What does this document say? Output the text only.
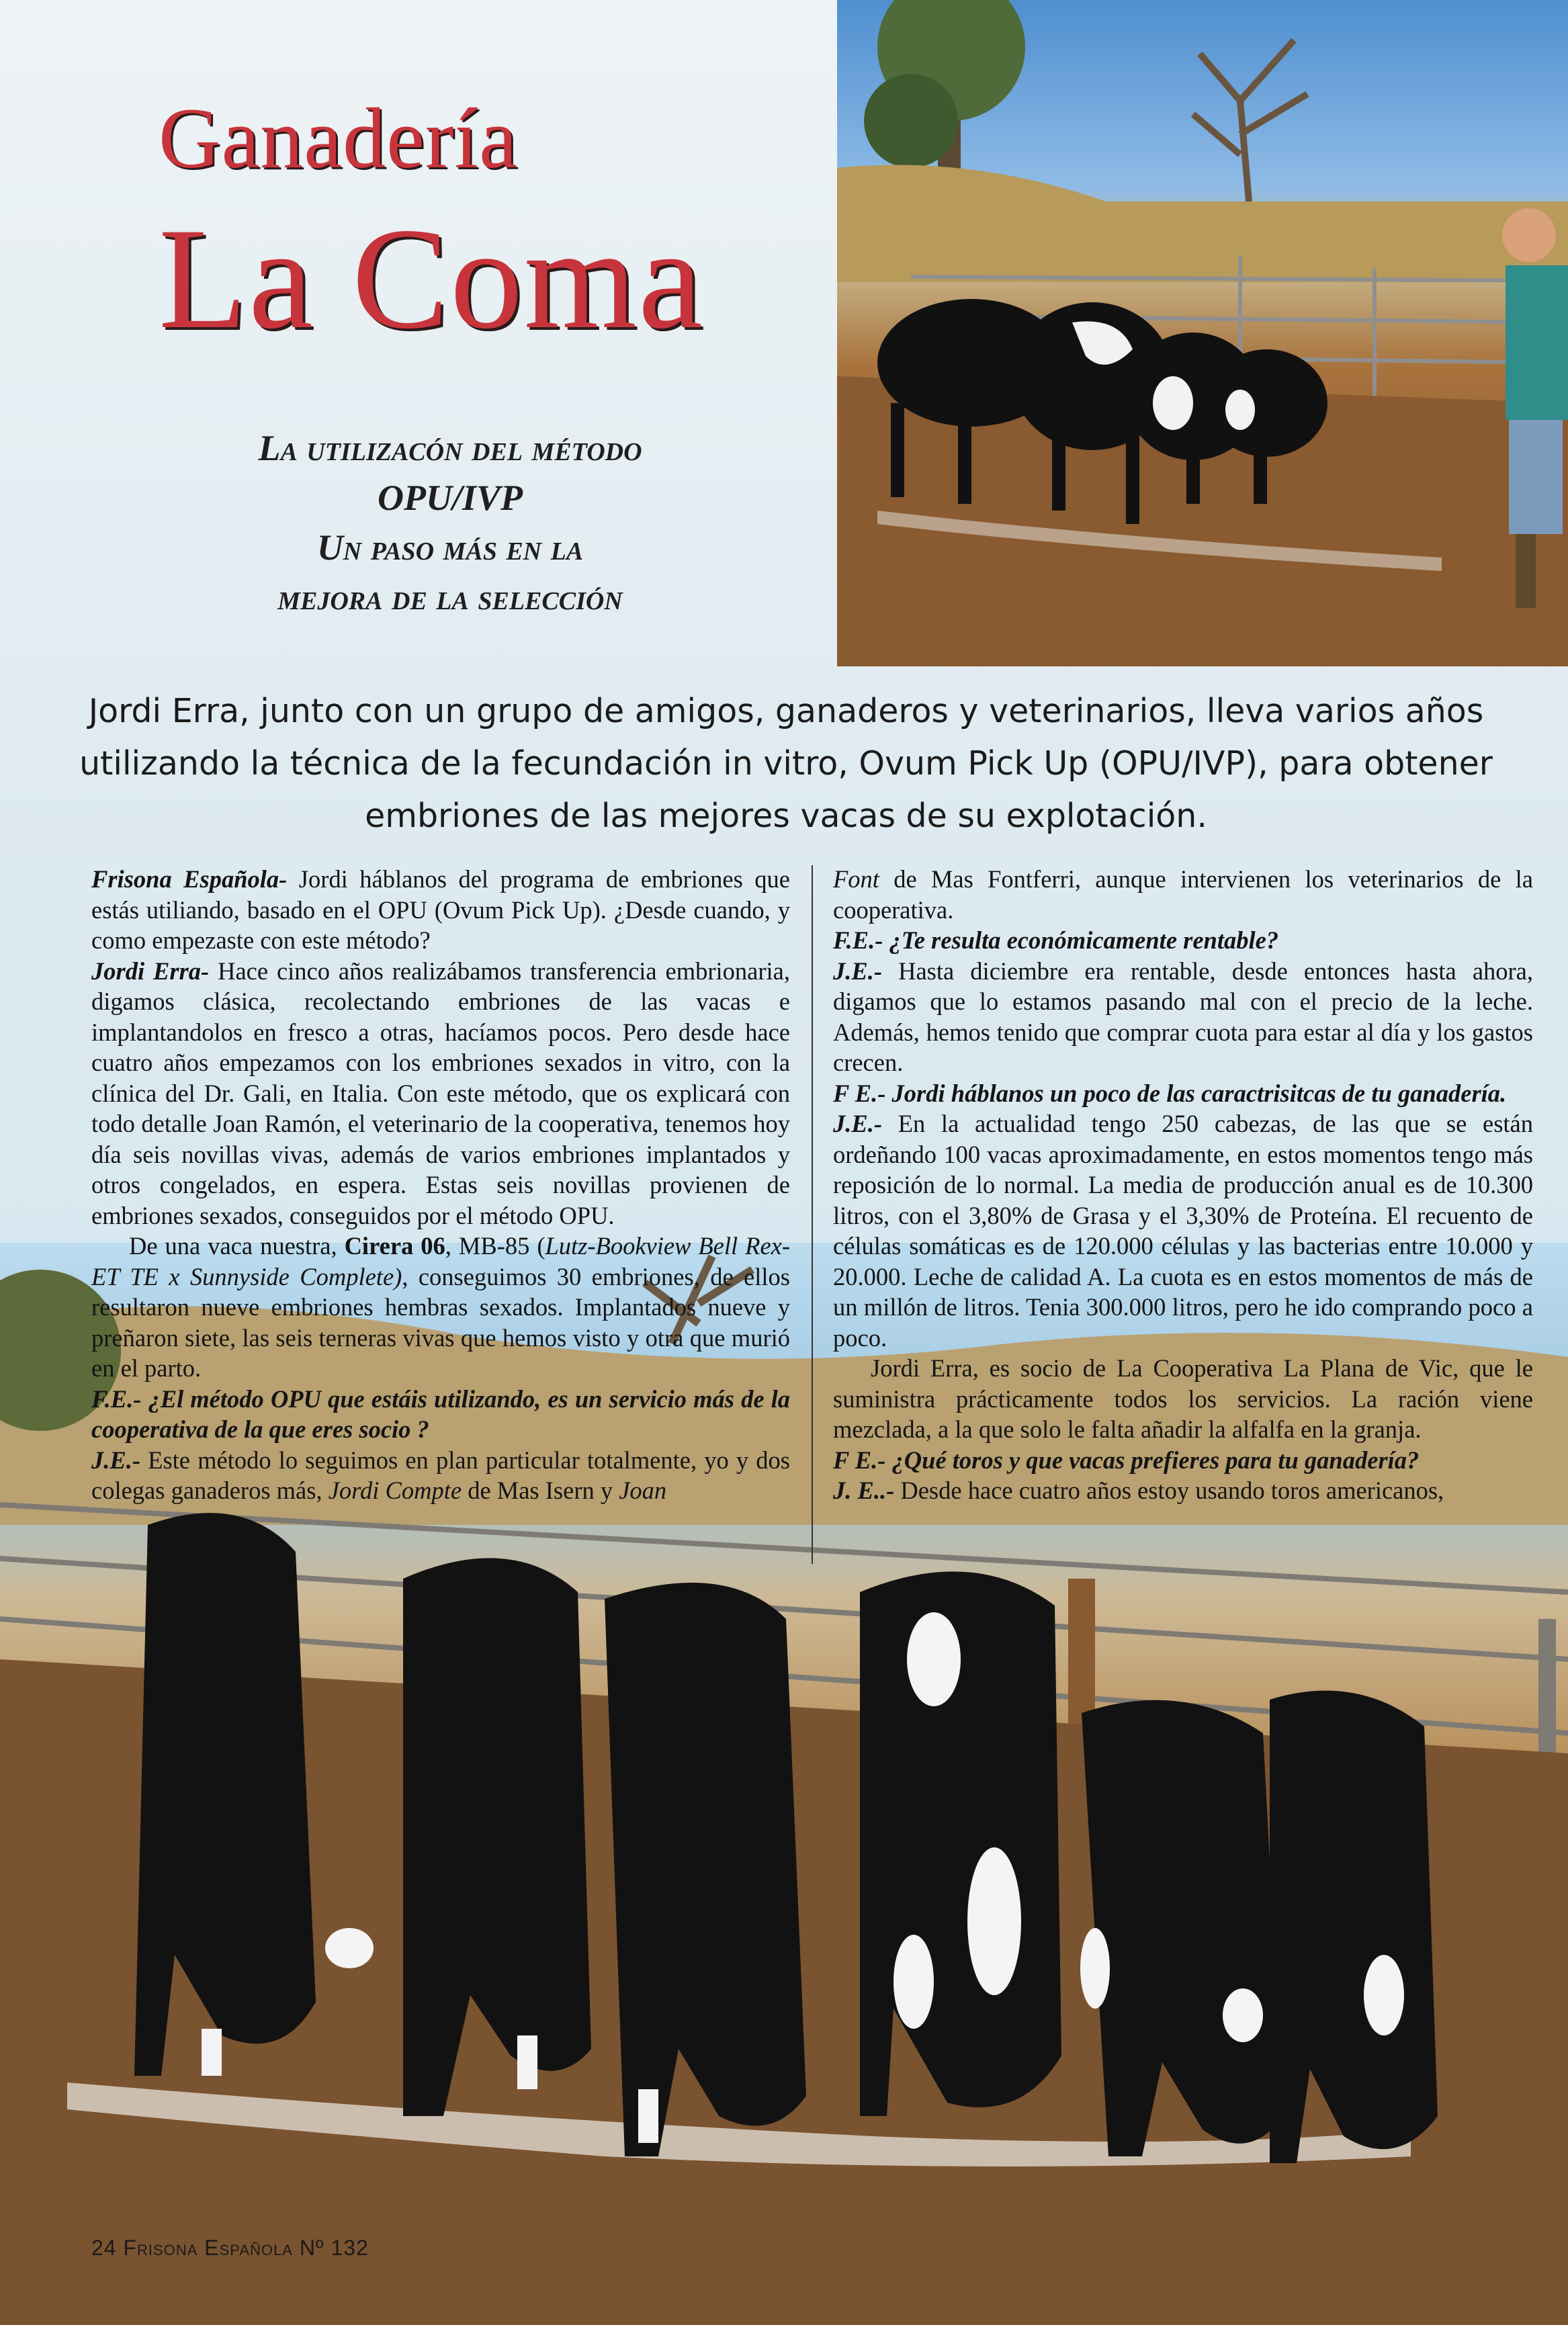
Ganadería
La Coma
La utilizacón del método
OPU/IVP
Un paso más en la
mejora de la selección
Jordi Erra, junto con un grupo de amigos, ganaderos y veterinarios, lleva varios años utilizando la técnica de la fecundación in vitro, Ovum Pick Up (OPU/IVP), para obtener embriones de las mejores vacas de su explotación.

Frisona Española- Jordi háblanos del programa de embriones que estás utiliando, basado en el OPU (Ovum Pick Up). ¿Desde cuando, y como empezaste con este método?

Jordi Erra- Hace cinco años realizábamos transferencia embrionaria, digamos clásica, recolectando embriones de las vacas e implantandolos en fresco a otras, hacíamos pocos. Pero desde hace cuatro años empezamos con los embriones sexados in vitro, con la clínica del Dr. Gali, en Italia. Con este método, que os explicará con todo detalle Joan Ramón, el veterinario de la cooperativa, tenemos hoy día seis novillas vivas, además de varios embriones implantados y otros congelados, en espera. Estas seis novillas provienen de embriones sexados, conseguidos por el método OPU.

De una vaca nuestra, Cirera 06, MB-85 (Lutz-Bookview Bell Rex-ET TE x Sunnyside Complete), conseguimos 30 embriones, de ellos resultaron nueve embriones hembras sexados. Implantados nueve y preñaron siete, las seis terneras vivas que hemos visto y otra que murió en el parto.

F.E.- ¿El método OPU que estáis utilizando, es un servicio más de la cooperativa de la que eres socio ?

J.E.- Este método lo seguimos en plan particular totalmente, yo y dos colegas ganaderos más, Jordi Compte de Mas Isern y Joan

Font de Mas Fontferri, aunque intervienen los veterinarios de la cooperativa.

F.E.- ¿Te resulta económicamente rentable?

J.E.- Hasta diciembre era rentable, desde entonces hasta ahora, digamos que lo estamos pasando mal con el precio de la leche. Además, hemos tenido que comprar cuota para estar al día y los gastos crecen.

F E.- Jordi háblanos un poco de las caractrisitcas de tu ganadería.

J.E.- En la actualidad tengo 250 cabezas, de las que se están ordeñando 100 vacas aproximadamente, en estos momentos tengo más reposición de lo normal. La media de producción anual es de 10.300 litros, con el 3,80% de Grasa y el 3,30% de Proteína. El recuento de células somáticas es de 120.000 células y las bacterias entre 10.000 y 20.000. Leche de calidad A. La cuota es en estos momentos de más de un millón de litros. Tenia 300.000 litros, pero he ido comprando poco a poco.

Jordi Erra, es socio de La Cooperativa La Plana de Vic, que le suministra prácticamente todos los servicios. La ración viene mezclada, a la que solo le falta añadir la alfalfa en la granja.

F E.- ¿Qué toros y que vacas prefieres para tu ganadería?

J. E..- Desde hace cuatro años estoy usando toros americanos,

24 Frisona Española Nº 132
